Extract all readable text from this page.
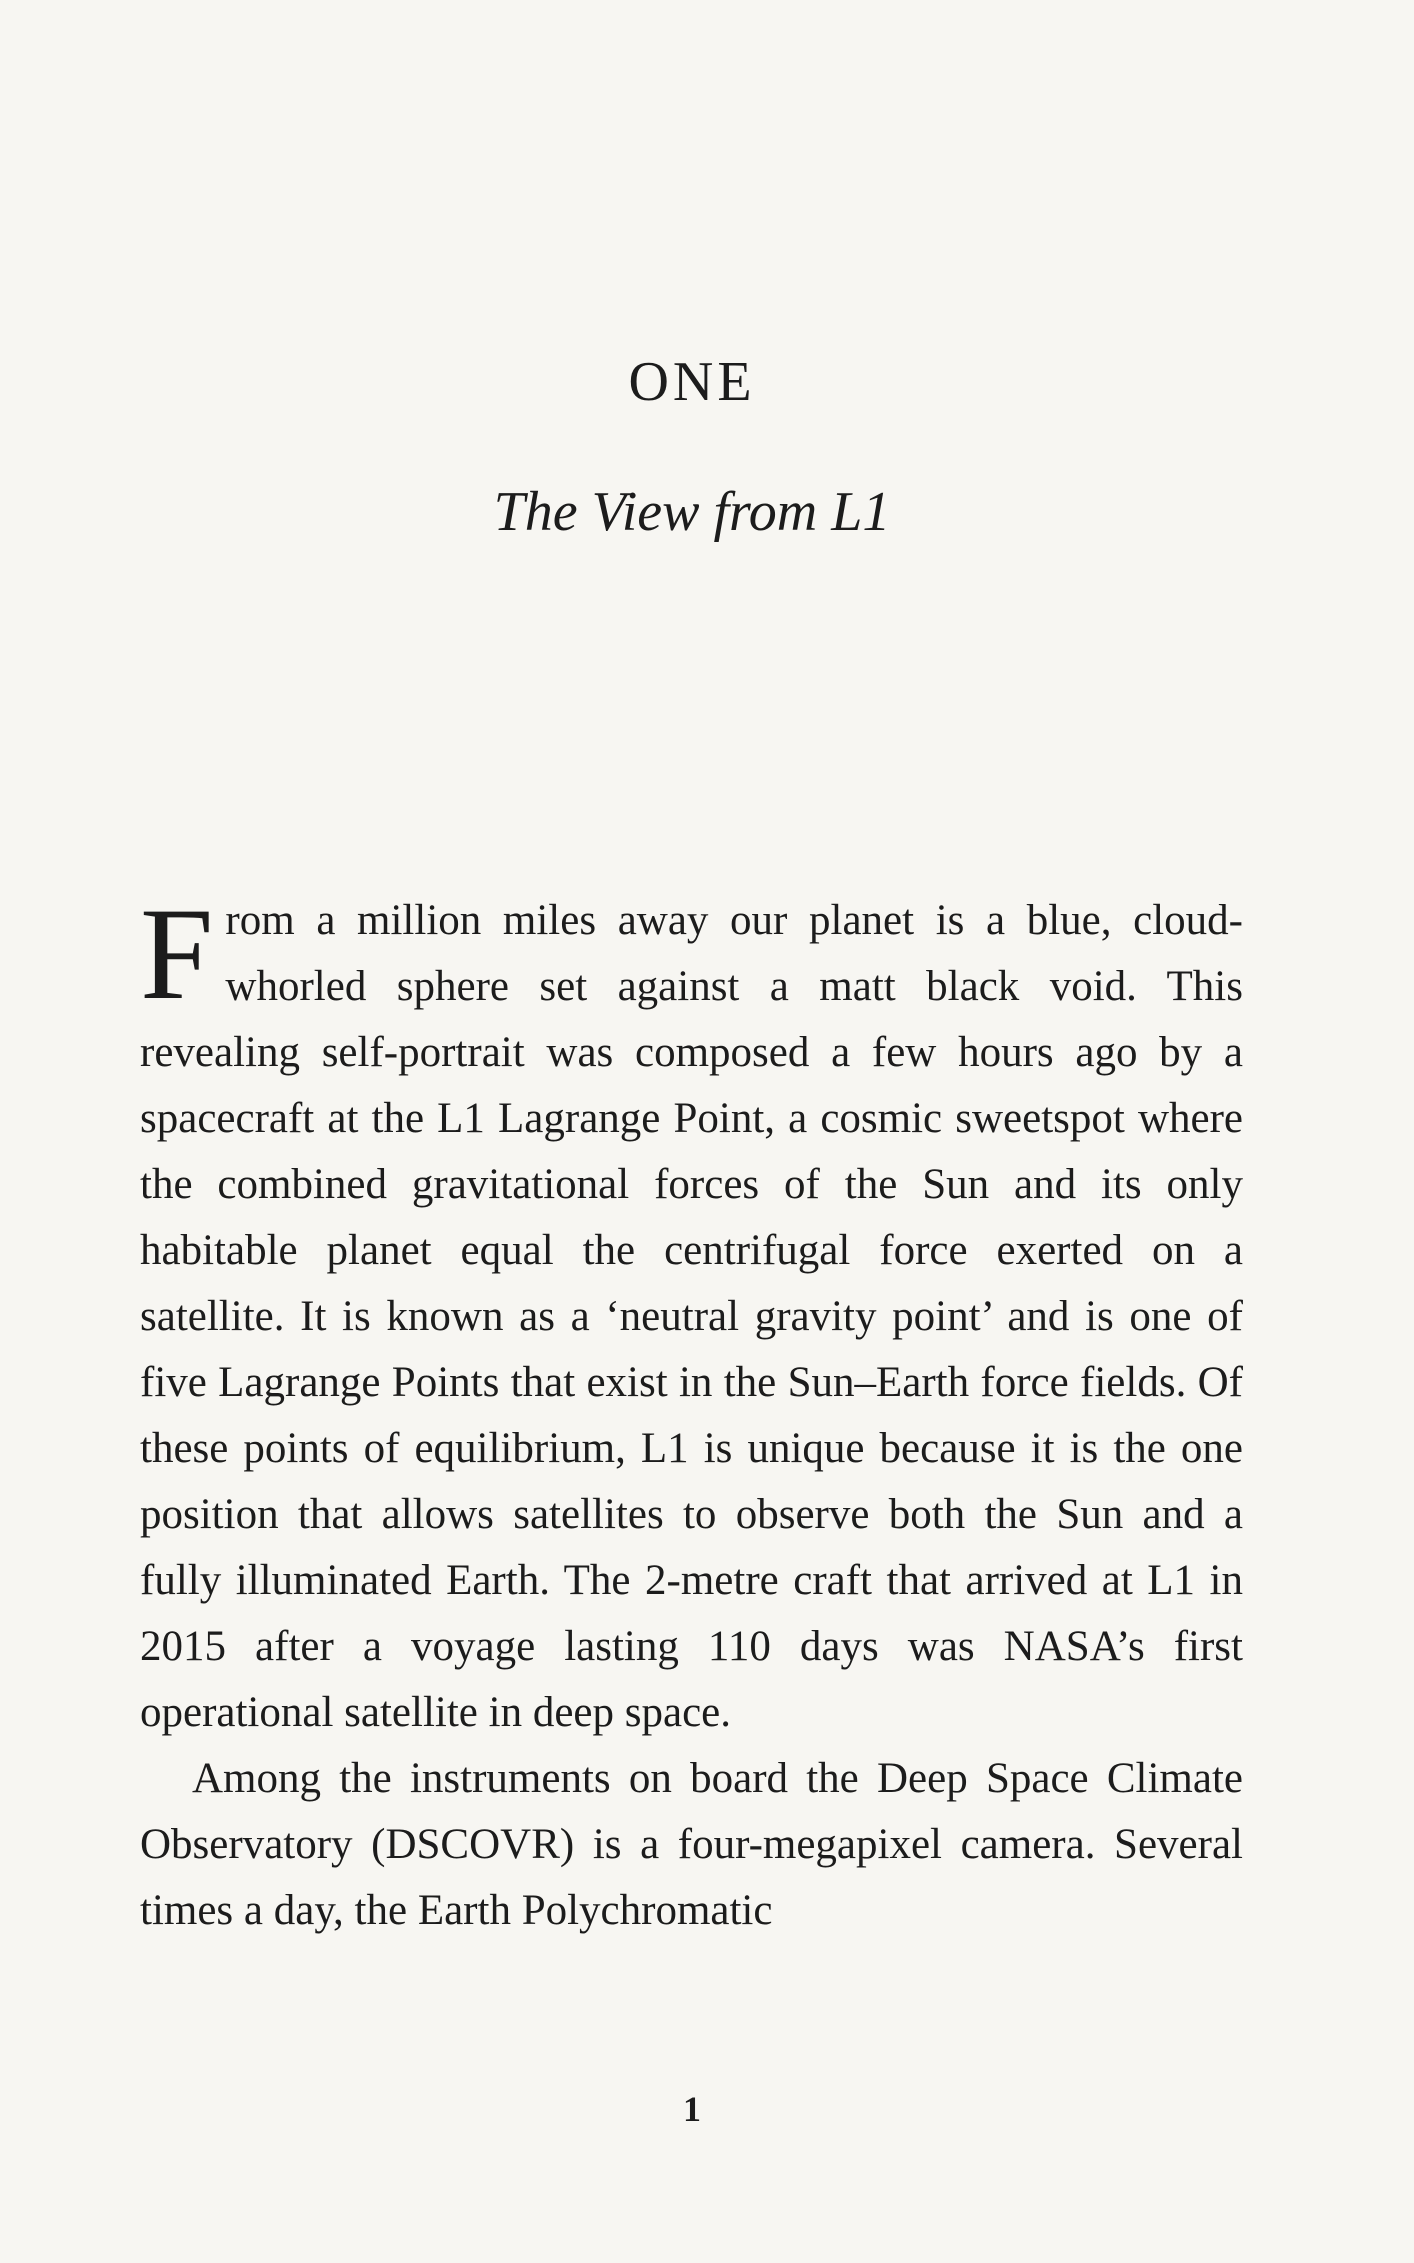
ONE
The View from L1

From a million miles away our planet is a blue, cloud-whorled sphere set against a matt black void. This revealing self-portrait was composed a few hours ago by a spacecraft at the L1 Lagrange Point, a cosmic sweetspot where the combined gravitational forces of the Sun and its only habitable planet equal the centrifugal force exerted on a satellite. It is known as a ‘neutral gravity point’ and is one of five Lagrange Points that exist in the Sun–Earth force fields. Of these points of equilibrium, L1 is unique because it is the one position that allows satellites to observe both the Sun and a fully illuminated Earth. The 2-metre craft that arrived at L1 in 2015 after a voyage lasting 110 days was NASA’s first operational satellite in deep space.

Among the instruments on board the Deep Space Climate Observatory (DSCOVR) is a four-megapixel camera. Several times a day, the Earth Polychromatic

1
